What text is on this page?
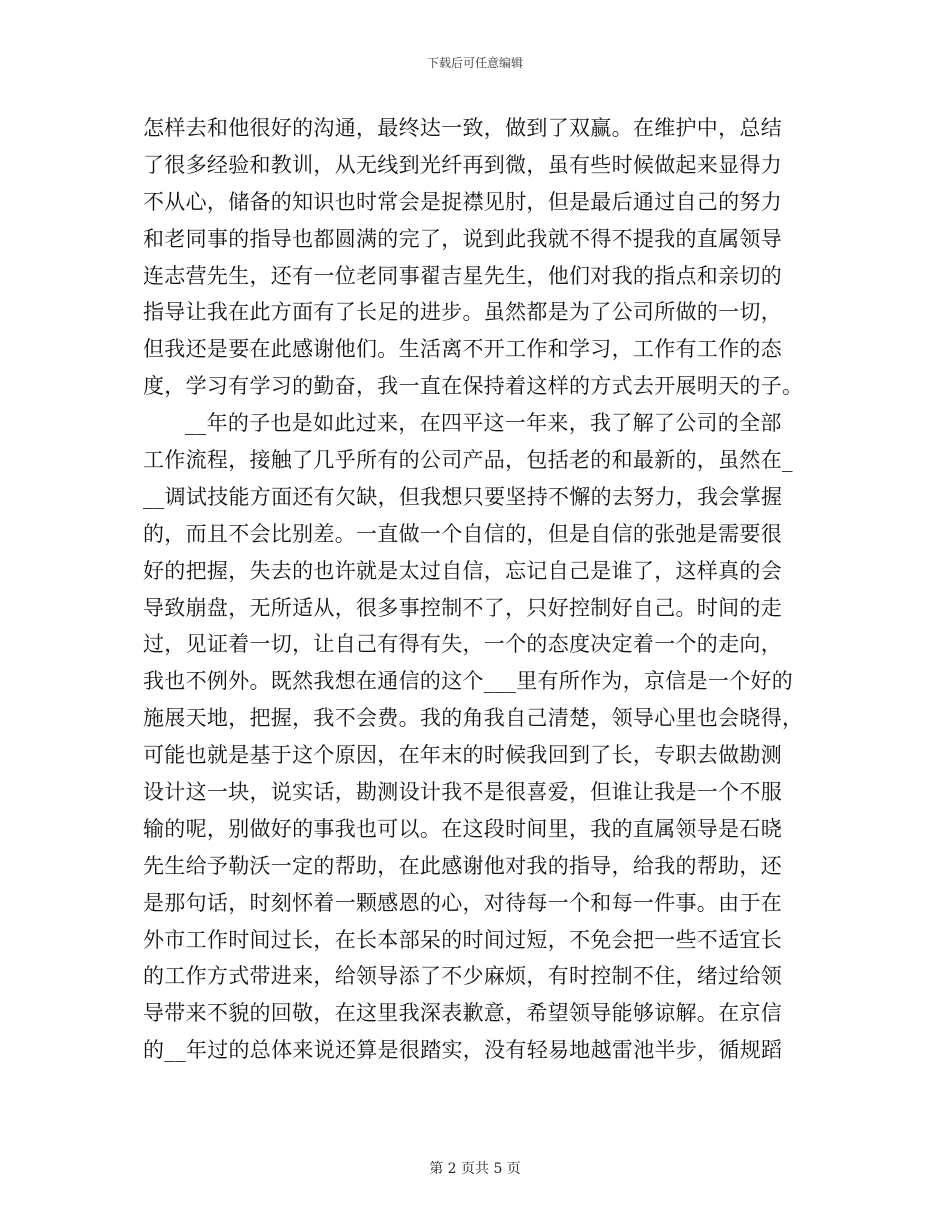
下载后可任意编辑
怎样去和他很好的沟通，最终达一致，做到了双赢。在维护中，总结
了很多经验和教训，从无线到光纤再到微，虽有些时候做起来显得力
不从心，储备的知识也时常会是捉襟见肘，但是最后通过自己的努力
和老同事的指导也都圆满的完了，说到此我就不得不提我的直属领导
连志营先生，还有一位老同事翟吉星先生，他们对我的指点和亲切的
指导让我在此方面有了长足的进步。虽然都是为了公司所做的一切，
但我还是要在此感谢他们。生活离不开工作和学习，工作有工作的态
度，学习有学习的勤奋，我一直在保持着这样的方式去开展明天的子。
__年的子也是如此过来，在四平这一年来，我了解了公司的全部
工作流程，接触了几乎所有的公司产品，包括老的和最新的，虽然在_
__调试技能方面还有欠缺，但我想只要坚持不懈的去努力，我会掌握
的，而且不会比别差。一直做一个自信的，但是自信的张弛是需要很
好的把握，失去的也许就是太过自信，忘记自己是谁了，这样真的会
导致崩盘，无所适从，很多事控制不了，只好控制好自己。时间的走
过，见证着一切，让自己有得有失，一个的态度决定着一个的走向，
我也不例外。既然我想在通信的这个___里有所作为，京信是一个好的
施展天地，把握，我不会费。我的角我自己清楚，领导心里也会晓得，
可能也就是基于这个原因，在年末的时候我回到了长，专职去做勘测
设计这一块，说实话，勘测设计我不是很喜爱，但谁让我是一个不服
输的呢，别做好的事我也可以。在这段时间里，我的直属领导是石晓
先生给予勒沃一定的帮助，在此感谢他对我的指导，给我的帮助，还
是那句话，时刻怀着一颗感恩的心，对待每一个和每一件事。由于在
外市工作时间过长，在长本部呆的时间过短，不免会把一些不适宜长
的工作方式带进来，给领导添了不少麻烦，有时控制不住，绪过给领
导带来不貌的回敬，在这里我深表歉意，希望领导能够谅解。在京信
的__年过的总体来说还算是很踏实，没有轻易地越雷池半步，循规蹈
第 2 页共 5 页
